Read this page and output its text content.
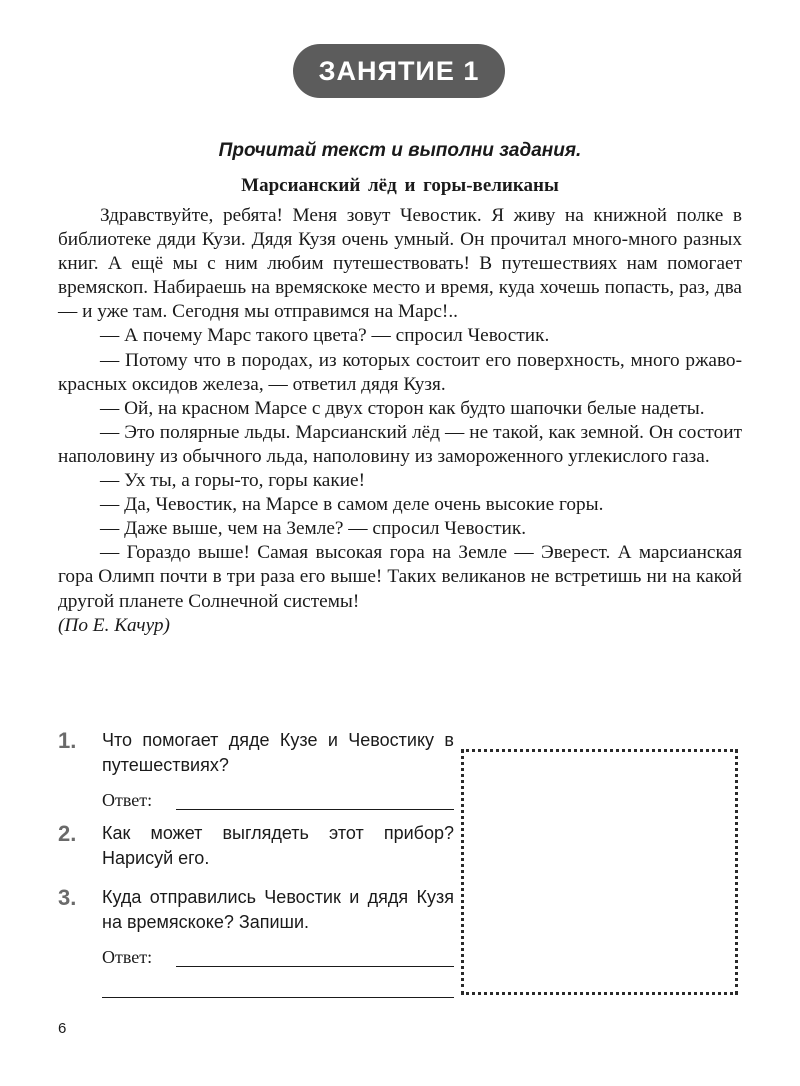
ЗАНЯТИЕ 1
Прочитай текст и выполни задания.
Марсианский лёд и горы-великаны

Здравствуйте, ребята! Меня зовут Чевостик. Я живу на книжной полке в библиотеке дяди Кузи. Дядя Кузя очень умный. Он прочитал много-много разных книг. А ещё мы с ним любим путешествовать! В путешествиях нам помогает времяскоп. Набираешь на времяскоке место и время, куда хочешь попасть, раз, два — и уже там. Сегодня мы отправимся на Марс!..

— А почему Марс такого цвета? — спросил Чевостик.

— Потому что в породах, из которых состоит его поверхность, много ржаво-красных оксидов железа, — ответил дядя Кузя.

— Ой, на красном Марсе с двух сторон как будто шапочки белые надеты.

— Это полярные льды. Марсианский лёд — не такой, как земной. Он состоит наполовину из обычного льда, наполовину из замороженного углекислого газа.

— Ух ты, а горы-то, горы какие!

— Да, Чевостик, на Марсе в самом деле очень высокие горы.

— Даже выше, чем на Земле? — спросил Чевостик.

— Гораздо выше! Самая высокая гора на Земле — Эверест. А марсианская гора Олимп почти в три раза его выше! Таких великанов не встретишь ни на какой другой планете Солнечной системы!

(По Е. Качур)

1. Что помогает дяде Кузе и Чевостику в путешествиях?
Ответ:
2. Как может выглядеть этот прибор? Нарисуй его.
3. Куда отправились Чевостик и дядя Кузя на времяскоке? Запиши.
Ответ:
6
